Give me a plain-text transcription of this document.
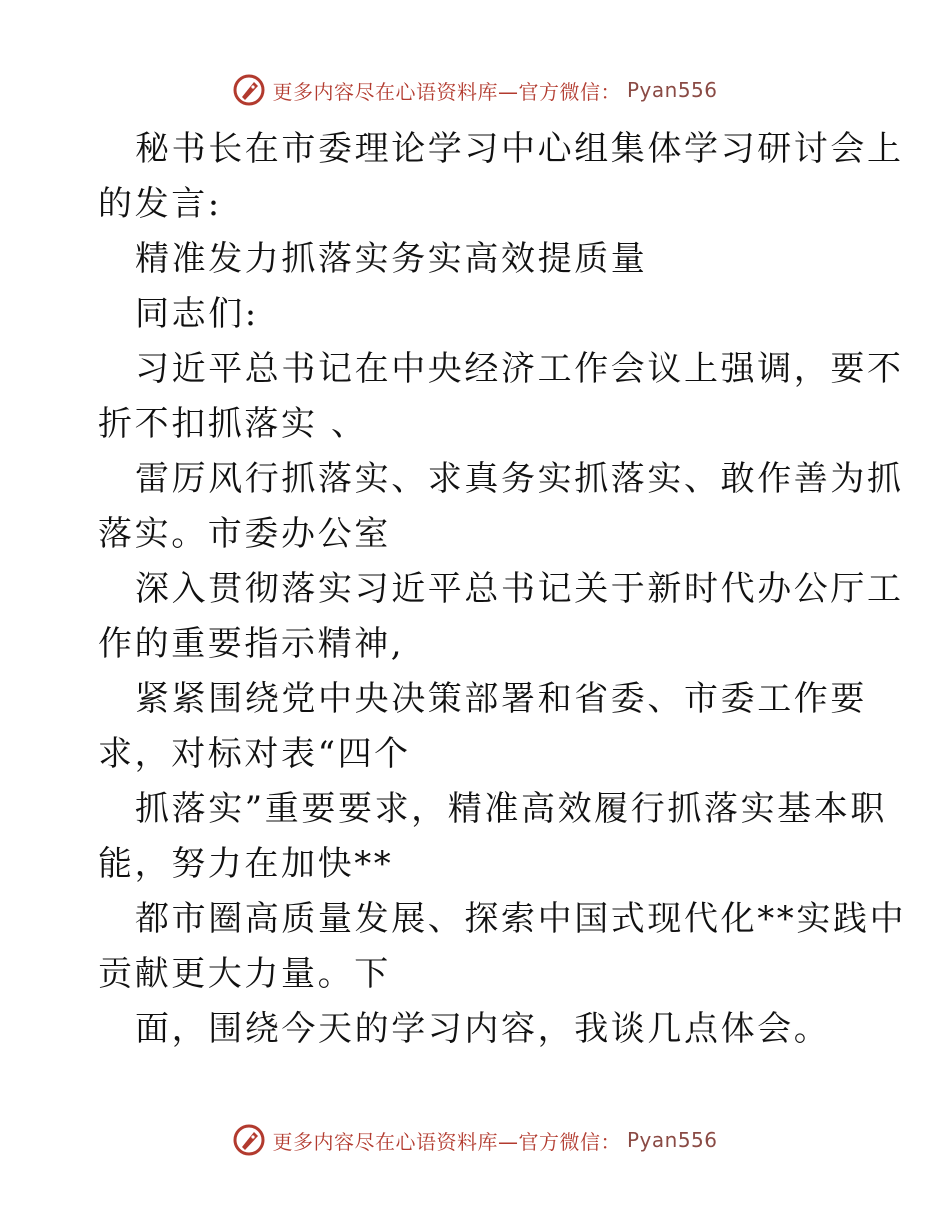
更多内容尽在心语资料库—官方微信： Pyan556
秘书长在市委理论学习中心组集体学习研讨会上
的发言:
精准发力抓落实务实高效提质量
同志们:
习近平总书记在中央经济工作会议上强调，要不
折不扣抓落实 、
雷厉风行抓落实、求真务实抓落实、敢作善为抓
落实。市委办公室
深入贯彻落实习近平总书记关于新时代办公厅工
作的重要指示精神,
紧紧围绕党中央决策部署和省委、市委工作要
求，对标对表“四个
抓落实”重要要求，精准高效履行抓落实基本职
能，努力在加快**
都市圈高质量发展、探索中国式现代化**实践中
贡献更大力量。下
面，围绕今天的学习内容，我谈几点体会。
更多内容尽在心语资料库—官方微信： Pyan556
